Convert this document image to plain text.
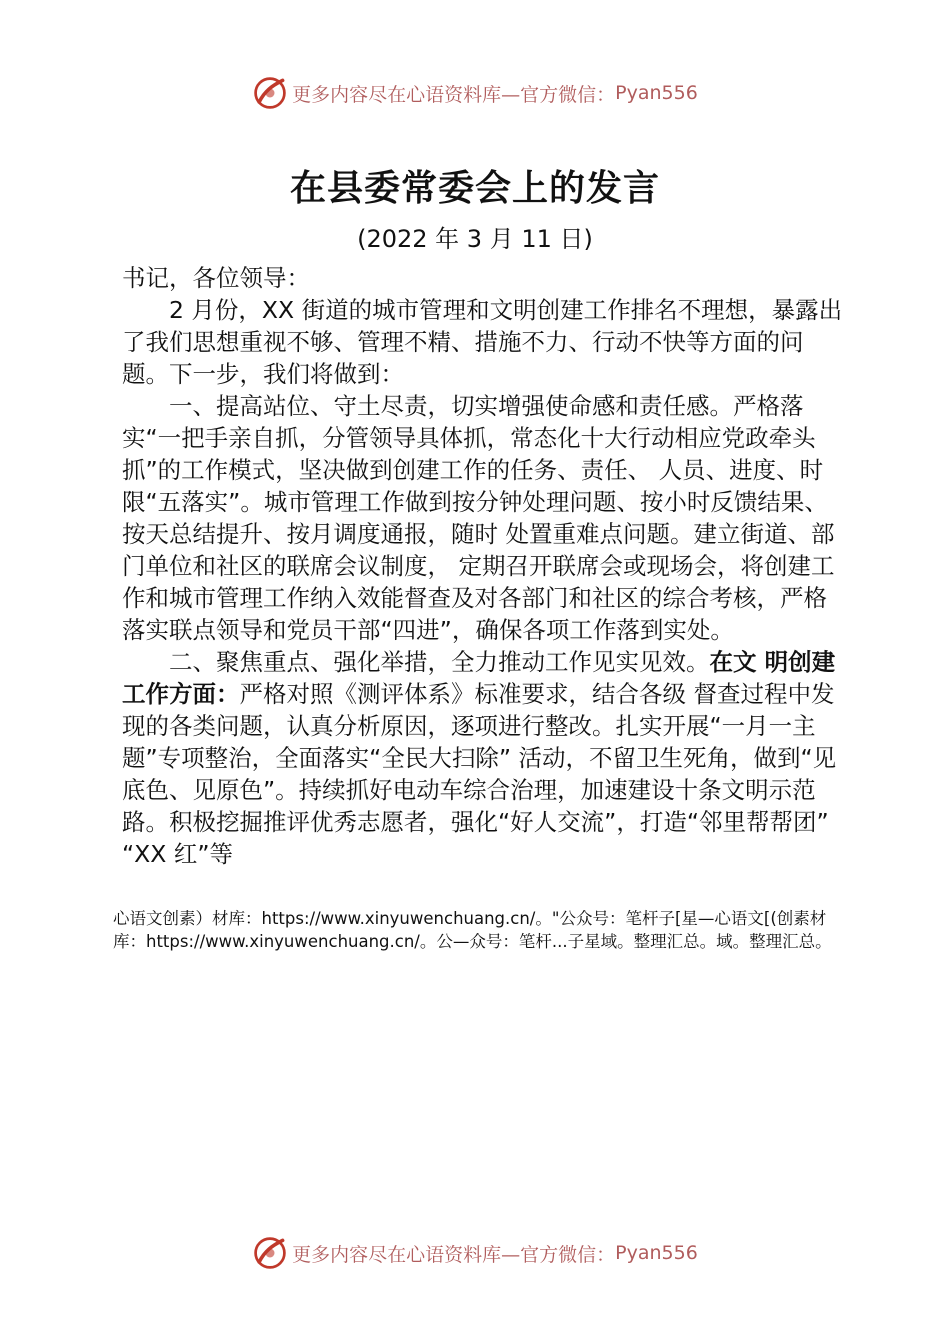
更多内容尽在心语资料库—官方微信： Pyan556
在县委常委会上的发言
(2022 年 3 月 11 日)

书记，各位领导：

2 月份，XX 街道的城市管理和文明创建工作排名不理想，暴露出了我们思想重视不够、管理不精、措施不力、行动不快等方面的问题。下一步，我们将做到：

一、提高站位、守土尽责，切实增强使命感和责任感。严格落实“一把手亲自抓，分管领导具体抓，常态化十大行动相应党政牵头抓”的工作模式，坚决做到创建工作的任务、责任、 人员、进度、时限“五落实”。城市管理工作做到按分钟处理问题、按小时反馈结果、按天总结提升、按月调度通报，随时 处置重难点问题。建立街道、部门单位和社区的联席会议制度， 定期召开联席会或现场会，将创建工作和城市管理工作纳入效能督查及对各部门和社区的综合考核，严格落实联点领导和党员干部“四进”，确保各项工作落到实处。

二、聚焦重点、强化举措，全力推动工作见实见效。在文 明创建工作方面：严格对照《测评体系》标准要求，结合各级 督查过程中发现的各类问题，认真分析原因，逐项进行整改。扎实开展“一月一主题”专项整治，全面落实“全民大扫除” 活动，不留卫生死角，做到“见底色、见原色”。持续抓好电动车综合治理，加速建设十条文明示范路。积极挖掘推评优秀志愿者，强化“好人交流”，打造“邻里帮帮团” “XX 红”等

心语文创素）材库：https://www.xinyuwenchuang.cn/。"公众号：笔杆子[星—心语文[(创素材
库：https://www.xinyuwenchuang.cn/。公—众号：笔杆...子星域。整理汇总。域。整理汇总。
更多内容尽在心语资料库—官方微信： Pyan556
